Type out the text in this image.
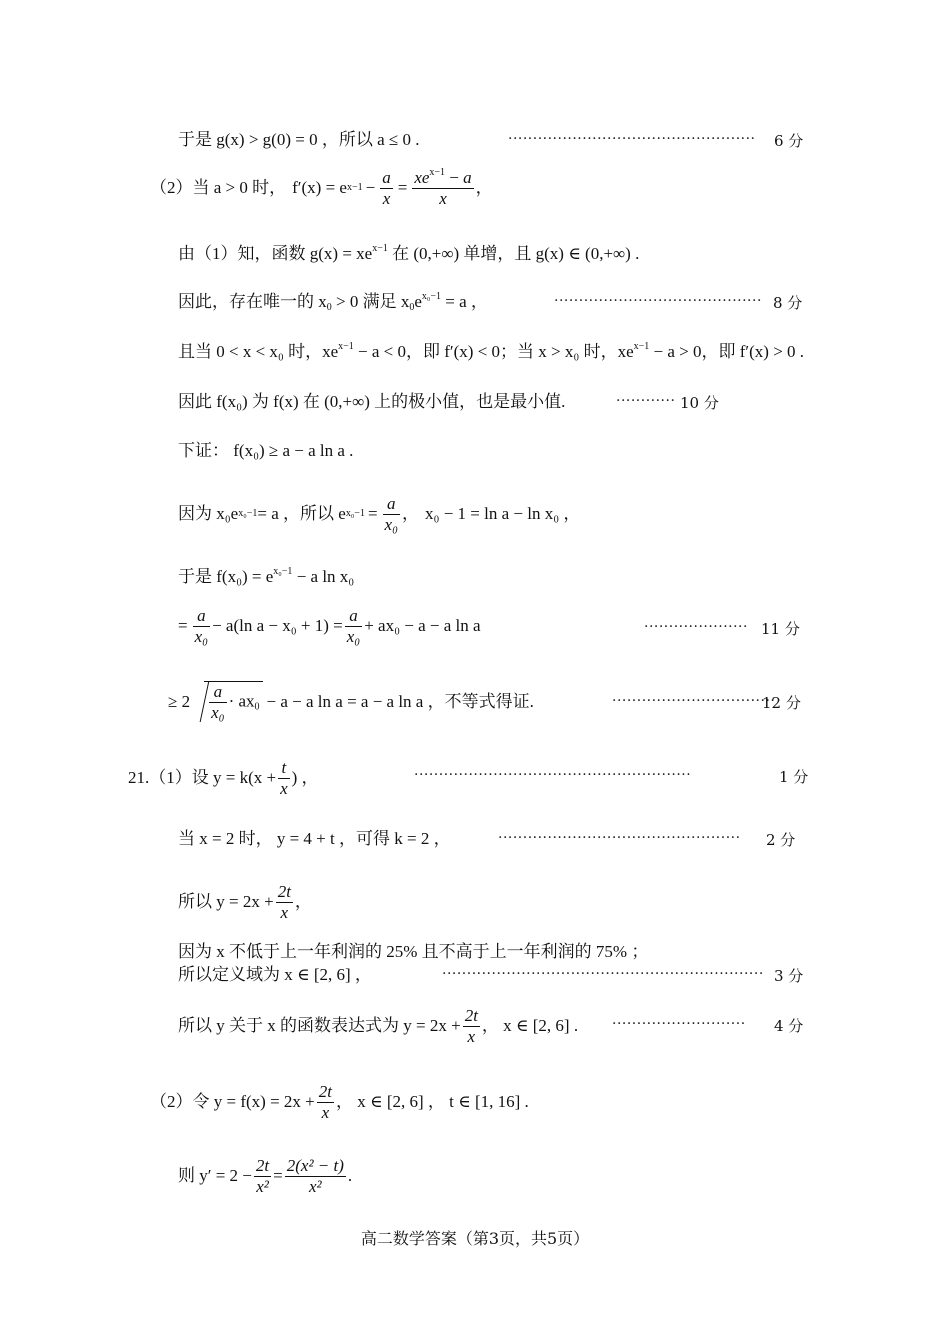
于是 g(x) > g(0) = 0 ，所以 a ≤ 0 .	·················································· 6 分
（2）当 a > 0 时， f′(x) = e $x-1 - \frac{a}{x} = \frac{xe^{x-1} - a}{x}$ ，
由（1）知，函数 $g(x) = xe^{x-1}$ 在 (0,+∞) 单增，且 g(x) ∈ (0,+∞) .
因此，存在唯一的 $x_0 > 0$ 满足 $x_0e^{x_0-1} = a$ ，	·········································· 8 分
且当 0 < x < x₀ 时，$xe^{x-1} - a < 0$，即 f′(x) < 0；当 x > x₀ 时，$xe^{x-1} - a > 0$，即 f′(x) > 0 .
因此 f(x₀) 为 f(x) 在 (0,+∞) 上的极小值，也是最小值.	············ 10 分
下证： f(x₀) ≥ a − a ln a .
因为 x₀e x₀−1 = a ，所以 e $x_0-1 = \frac{a}{\text{x₀}}$ ， x₀ − 1 = ln a − ln x₀ ，
于是 $f(x_0) = e^{x_0-1} - a$ ln x₀
= $\frac{a}{\text{x₀}} - a(\ln$ $a - x_0 + 1) = \frac{a}{\text{x₀}} + ax_0 - a - a$ ln a	····················· 11 分
≥ $2 \frac{a}{\text{x₀}} \cdot ax_0 - a - a$ ln a = a − a ln a ，不等式得证.	·································
12 分
21.（1）设 $y = k(x + \frac{t}{x}$ ) ，	························································	1 分
当 x = 2 时， y = 4 + t ，可得 k = 2 ，	················································· 2 分
所以 $y = 2x + \frac{2t}{x}$ ，
因为 x 不低于上一年利润的 25% 且不高于上一年利润的 75% ；
所以定义域为 x ∈ [2, 6] ，	································································· 3 分
所以 y 关于 x 的函数表达式为 $y = 2x + \frac{2t}{x}$ ， x ∈ [2, 6] . ··························· 4 分
（2）令 $y = f(x) = 2x + \frac{2t}{x}$ ， x ∈ [2, 6] ， t ∈ [1, 16] .
则 $y' = 2 - \frac{2t}{\text{x²}} = \frac{\text{2(x² − t)}}{\text{x²}}$ .
高二数学答案（第3页，共5页）
